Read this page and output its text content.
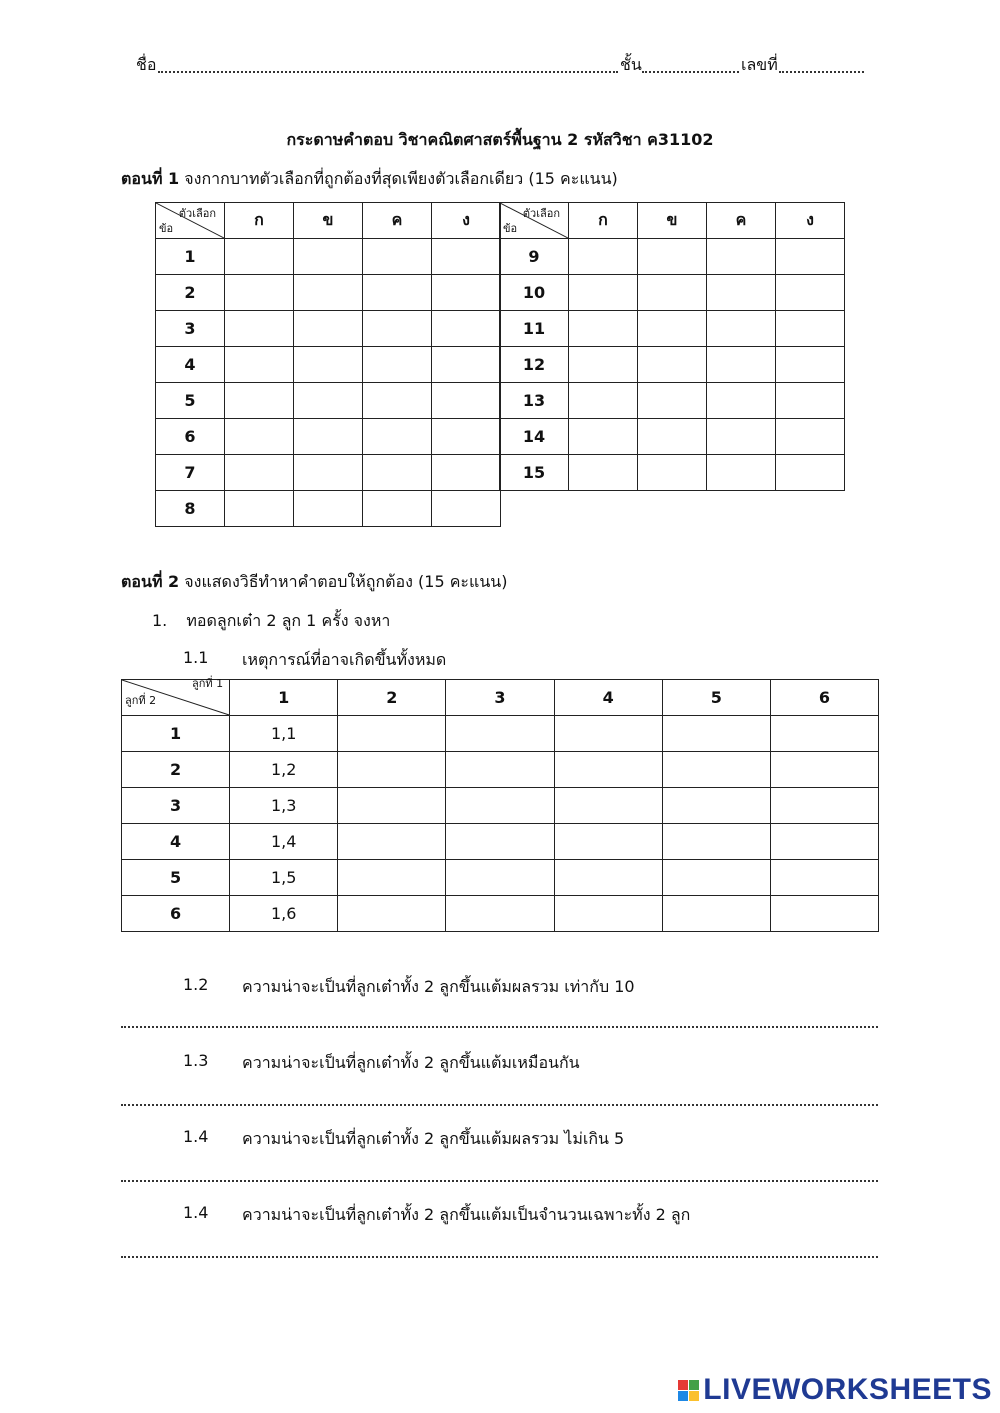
ชื่อ	ชั้น	เลขที่
กระดาษคำตอบ วิชาคณิตศาสตร์พื้นฐาน 2 รหัสวิชา ค31102
ตอนที่ 1 จงกากบาทตัวเลือกที่ถูกต้องที่สุดเพียงตัวเลือกเดียว (15 คะแนน)
ตัวเลือก
ข้อ	ก	ข	ค	ง
1				
2				
3				
4				
5				
6				
7				
8				
ตัวเลือก
ข้อ	ก	ข	ค	ง
9				
10				
11				
12				
13				
14				
15				
ตอนที่ 2 จงแสดงวิธีทำหาคำตอบให้ถูกต้อง (15 คะแนน)
1. ทอดลูกเต๋า 2 ลูก 1 ครั้ง จงหา
1.1 เหตุการณ์ที่อาจเกิดขึ้นทั้งหมด
ลูกที่ 1
ลูกที่ 2	1	2	3	4	5	6
1	1,1					
2	1,2					
3	1,3					
4	1,4					
5	1,5					
6	1,6					
1.2 ความน่าจะเป็นที่ลูกเต๋าทั้ง 2 ลูกขึ้นแต้มผลรวม เท่ากับ 10
1.3 ความน่าจะเป็นที่ลูกเต๋าทั้ง 2 ลูกขึ้นแต้มเหมือนกัน
1.4 ความน่าจะเป็นที่ลูกเต๋าทั้ง 2 ลูกขึ้นแต้มผลรวม ไม่เกิน 5
1.4 ความน่าจะเป็นที่ลูกเต๋าทั้ง 2 ลูกขึ้นแต้มเป็นจำนวนเฉพาะทั้ง 2 ลูก
LIVEWORKSHEETS
